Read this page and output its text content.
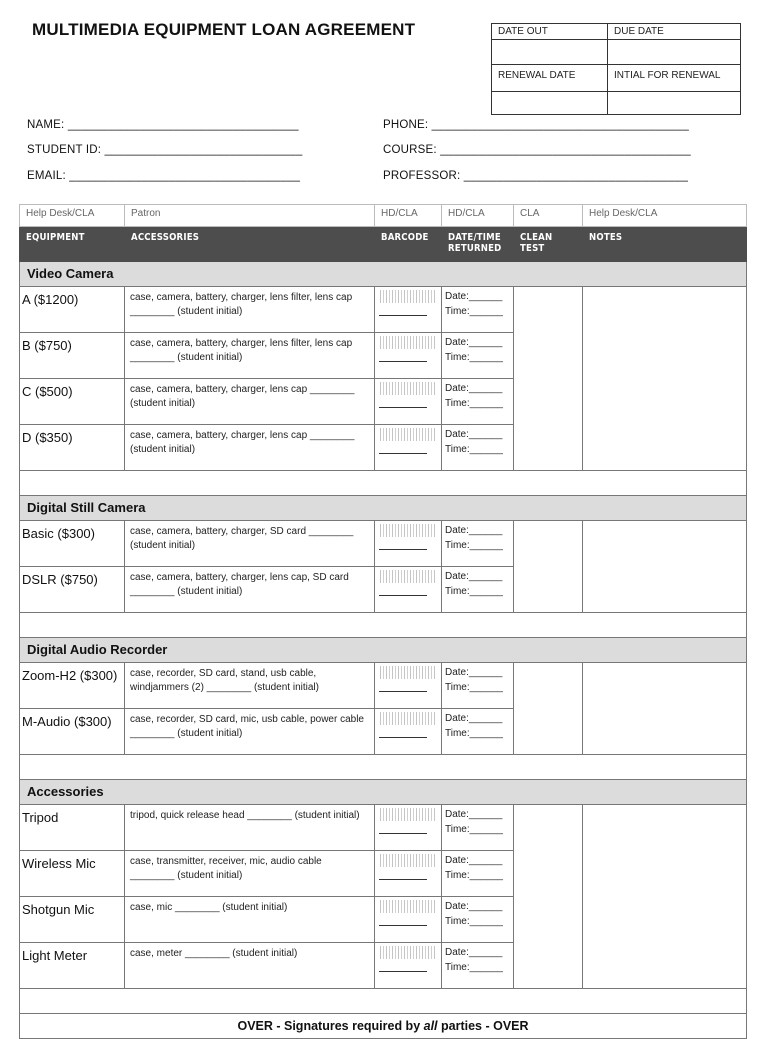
MULTIMEDIA EQUIPMENT LOAN AGREEMENT	DATE OUT	DUE DATE

RENEWAL DATE	INTIAL FOR RENEWAL

NAME: ___________________________________	PHONE: _______________________________________
STUDENT ID: ______________________________	COURSE: ______________________________________
EMAIL: ___________________________________	PROFESSOR: __________________________________
Help Desk/CLA	Patron	HD/CLA	HD/CLA	CLA	Help Desk/CLA
EQUIPMENT	ACCESSORIES	BARCODE	DATE/TIME RETURNED	CLEAN TEST	NOTES
Video Camera					
A ($1200)	case, camera, battery, charger, lens filter, lens cap ________ (student initial)		Date:______
Time:______		

B ($750)	case, camera, battery, charger, lens filter, lens cap ________ (student initial)		Date:______
Time:______		

C ($500)	case, camera, battery, charger, lens cap ________ (student initial)		Date:______
Time:______		

D ($350)	case, camera, battery, charger, lens cap ________ (student initial)		Date:______
Time:______		

Digital Still Camera					
Basic ($300)	case, camera, battery, charger, SD card ________ (student initial)		Date:______
Time:______		

DSLR ($750)	case, camera, battery, charger, lens cap, SD card ________ (student initial)		Date:______
Time:______		

Digital Audio Recorder					
Zoom-H2 ($300)	case, recorder, SD card, stand, usb cable, windjammers (2) ________ (student initial)		Date:______
Time:______		

M-Audio ($300)	case, recorder, SD card, mic, usb cable, power cable ________ (student initial)		Date:______
Time:______		

Accessories					
Tripod	tripod, quick release head ________ (student initial)		Date:______
Time:______		

Wireless Mic	case, transmitter, receiver, mic, audio cable ________ (student initial)		Date:______
Time:______		

Shotgun Mic	case, mic ________ (student initial)		Date:______
Time:______		

Light Meter	case, meter ________ (student initial)		Date:______
Time:______		

OVER - Signatures required by all parties - OVER					
